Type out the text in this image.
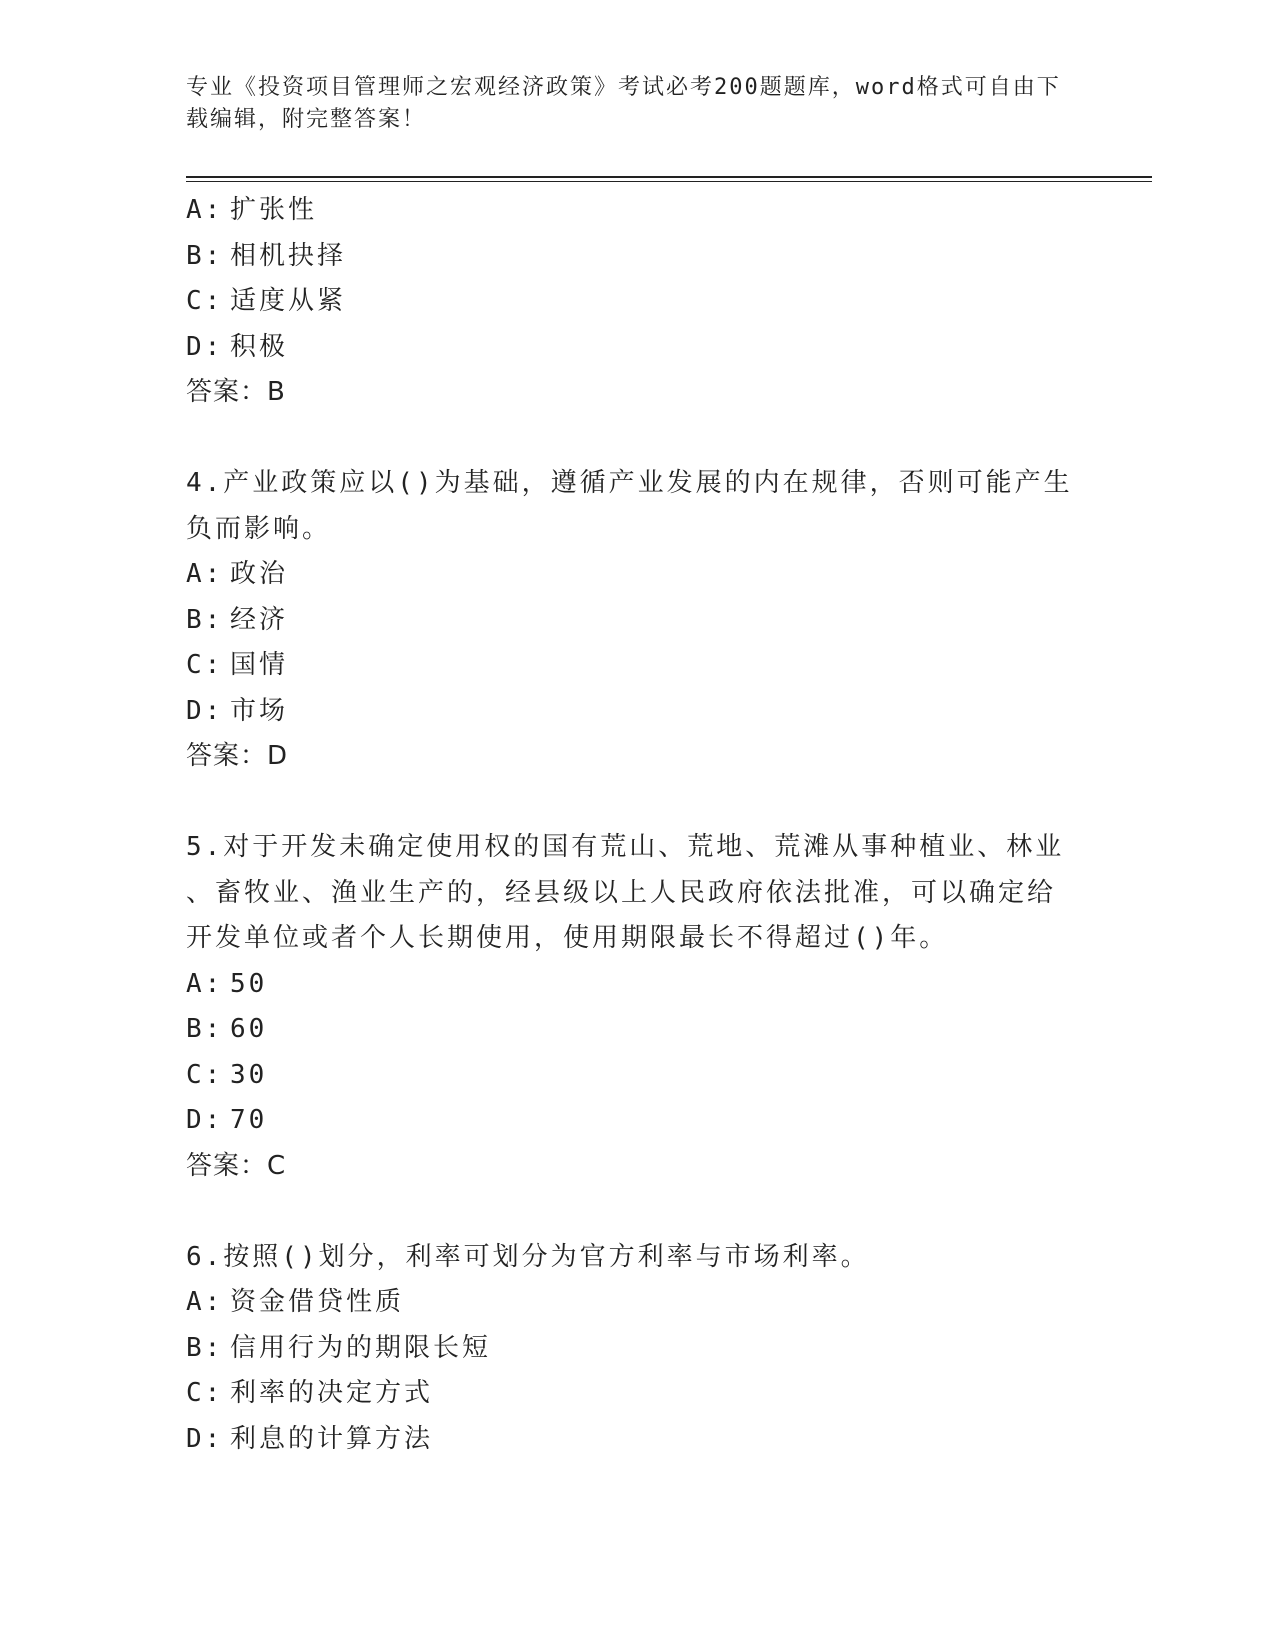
专业《投资项目管理师之宏观经济政策》考试必考200题题库，word格式可自由下载编辑，附完整答案！
A: 扩张性
B: 相机抉择
C: 适度从紧
D: 积极
答案：B
4.产业政策应以()为基础，遵循产业发展的内在规律，否则可能产生
负而影响。
A: 政治
B: 经济
C: 国情
D: 市场
答案：D
5.对于开发未确定使用权的国有荒山、荒地、荒滩从事种植业、林业
、畜牧业、渔业生产的，经县级以上人民政府依法批准，可以确定给
开发单位或者个人长期使用，使用期限最长不得超过()年。
A: 50
B: 60
C: 30
D: 70
答案：C
6.按照()划分，利率可划分为官方利率与市场利率。
A: 资金借贷性质
B: 信用行为的期限长短
C: 利率的决定方式
D: 利息的计算方法
